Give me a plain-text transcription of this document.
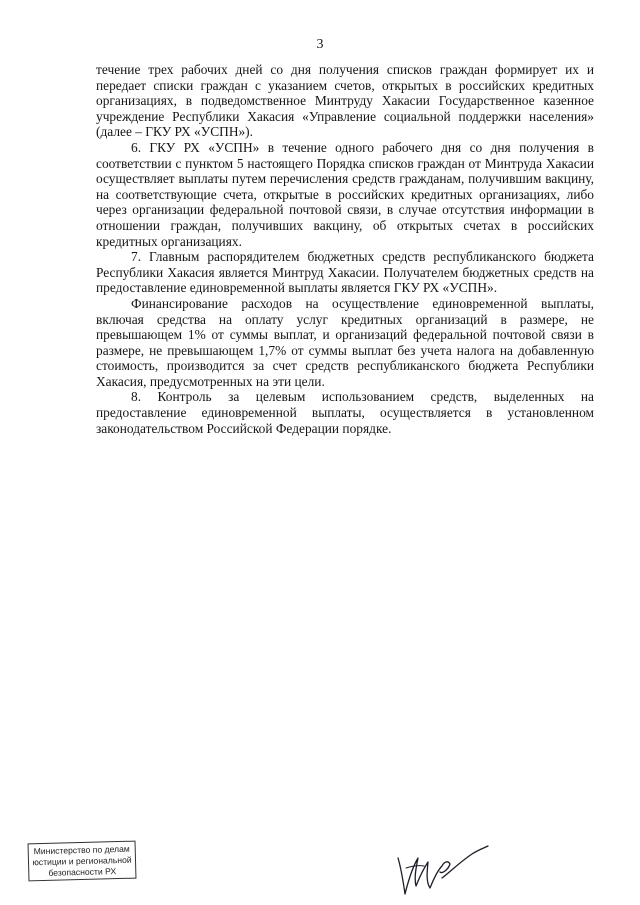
3

течение трех рабочих дней со дня получения списков граждан формирует их и передает списки граждан с указанием счетов, открытых в российских кредитных организациях, в подведомственное Минтруду Хакасии Государственное казенное учреждение Республики Хакасия «Управление социальной поддержки населения» (далее – ГКУ РХ «УСПН»).

6. ГКУ РХ «УСПН» в течение одного рабочего дня со дня получения в соответствии с пунктом 5 настоящего Порядка списков граждан от Минтруда Хакасии осуществляет выплаты путем перечисления средств гражданам, получившим вакцину, на соответствующие счета, открытые в российских кредитных организациях, либо через организации федеральной почтовой связи, в случае отсутствия информации в отношении граждан, получивших вакцину, об открытых счетах в российских кредитных организациях.

7. Главным распорядителем бюджетных средств республиканского бюджета Республики Хакасия является Минтруд Хакасии. Получателем бюджетных средств на предоставление единовременной выплаты является ГКУ РХ «УСПН».

Финансирование расходов на осуществление единовременной выплаты, включая средства на оплату услуг кредитных организаций в размере, не превышающем 1% от суммы выплат, и организаций федеральной почтовой связи в размере, не превышающем 1,7% от суммы выплат без учета налога на добавленную стоимость, производится за счет средств республиканского бюджета Республики Хакасия, предусмотренных на эти цели.

8. Контроль за целевым использованием средств, выделенных на предоставление единовременной выплаты, осуществляется в установленном законодательством Российской Федерации порядке.

Министерство по делам
юстиции и региональной
безопасности РХ
